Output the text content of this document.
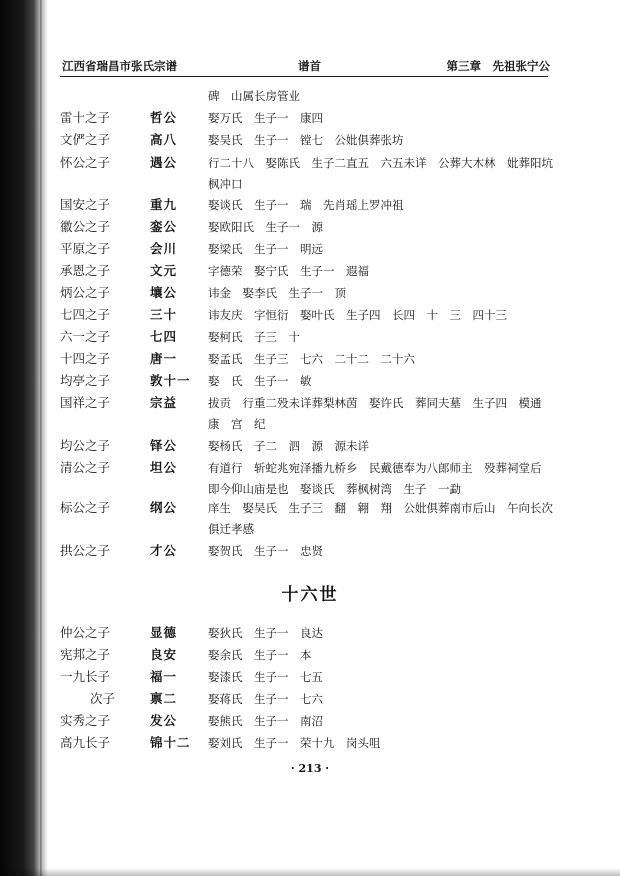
江西省瑞昌市张氏宗谱	谱首	第三章　先祖张宁公
碑　山属长房管业
雷十之子	哲公	娶万氏　生子一　康四
文俨之子	高八	娶吴氏　生子一　镗七　公妣俱葬张坊
怀公之子	遇公	行二十八　娶陈氏　生子二直五　六五未详　公葬大木林　妣葬阳坑枫冲口
国安之子	重九	娶谈氏　生子一　瑞　先肖瑶上罗冲祖
徽公之子	銮公	娶欧阳氏　生子一　源
平原之子	会川	娶梁氏　生子一　明远
承恩之子	文元	字德荣　娶宁氏　生子一　遐福
炳公之子	壤公	讳金　娶李氏　生子一　顶
七四之子	三十	讳友庆　字恒衍　娶叶氏　生子四　长四　十　三　四十三
六一之子	七四	娶柯氏　子三　十
十四之子	唐一	娶孟氏　生子三　七六　二十二　二十六
均亭之子	敦十一	娶　氏　生子一　敏
国祥之子	宗益	拔贡　行重二殁未详葬梨林茵　娶许氏　葬同夫墓　生子四　模通　康　宫　纪
均公之子	铎公	娶杨氏　子二　泗　源　源未详
清公之子	坦公	有道行　斩蛇兆宛泽播九桥乡　民戴德奉为八郎师主　殁葬祠堂后　即今仰山庙是也　娶谈氏　葬枫树湾　生子　一勐
标公之子	纲公	庠生　娶吴氏　生子三　翻　翱　翔　公妣俱葬南市后山　午向长次俱迁孝感
拱公之子	才公	娶贺氏　生子一　忠贤
十六世
仲公之子	显德	娶狄氏　生子一　良达
宪邦之子	良安	娶余氏　生子一　本
一九长子	福一	娶漆氏　生子一　七五
次子	禀二	娶蒋氏　生子一　七六
实秀之子	发公	娶熊氏　生子一　南沼
高九长子	锦十二	娶刘氏　生子一　荣十九　岗头咀
· 213 ·
